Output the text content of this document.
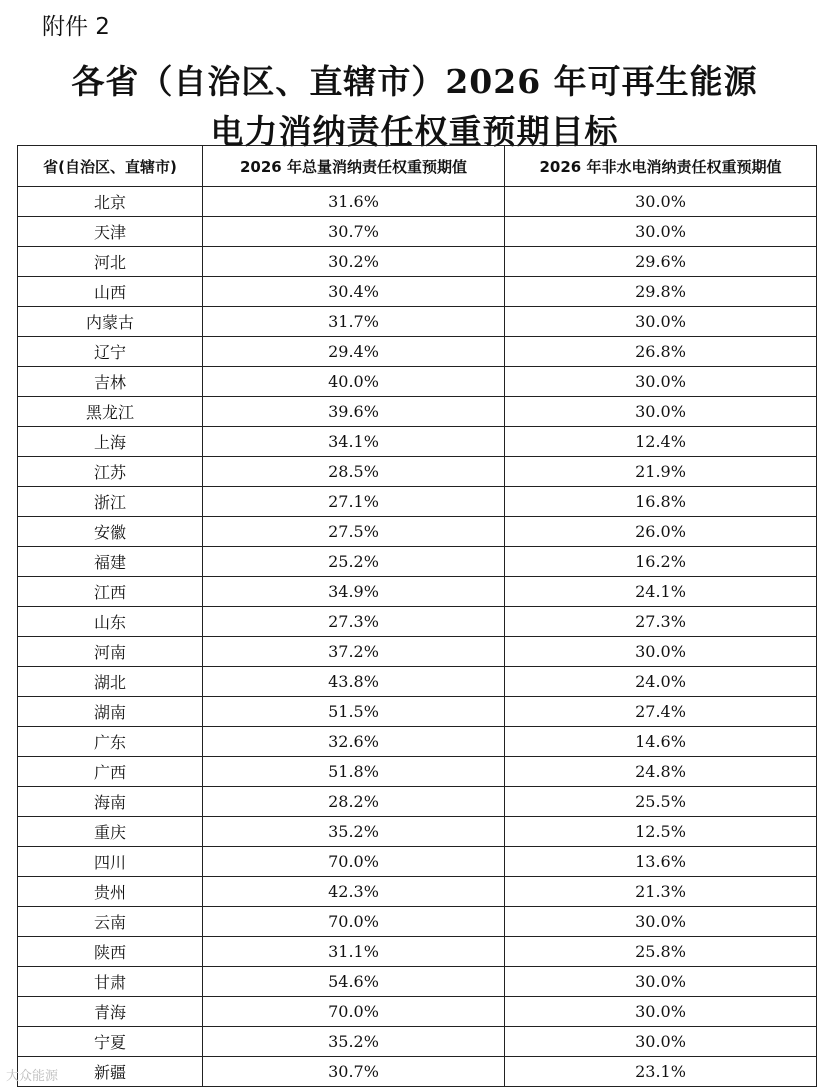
附件 2
各省（自治区、直辖市）2026 年可再生能源
电力消纳责任权重预期目标
省(自治区、直辖市)	2026 年总量消纳责任权重预期值	2026 年非水电消纳责任权重预期值
北京	31.6%	30.0%
天津	30.7%	30.0%
河北	30.2%	29.6%
山西	30.4%	29.8%
内蒙古	31.7%	30.0%
辽宁	29.4%	26.8%
吉林	40.0%	30.0%
黑龙江	39.6%	30.0%
上海	34.1%	12.4%
江苏	28.5%	21.9%
浙江	27.1%	16.8%
安徽	27.5%	26.0%
福建	25.2%	16.2%
江西	34.9%	24.1%
山东	27.3%	27.3%
河南	37.2%	30.0%
湖北	43.8%	24.0%
湖南	51.5%	27.4%
广东	32.6%	14.6%
广西	51.8%	24.8%
海南	28.2%	25.5%
重庆	35.2%	12.5%
四川	70.0%	13.6%
贵州	42.3%	21.3%
云南	70.0%	30.0%
陕西	31.1%	25.8%
甘肃	54.6%	30.0%
青海	70.0%	30.0%
宁夏	35.2%	30.0%
新疆	30.7%	23.1%
大众能源
